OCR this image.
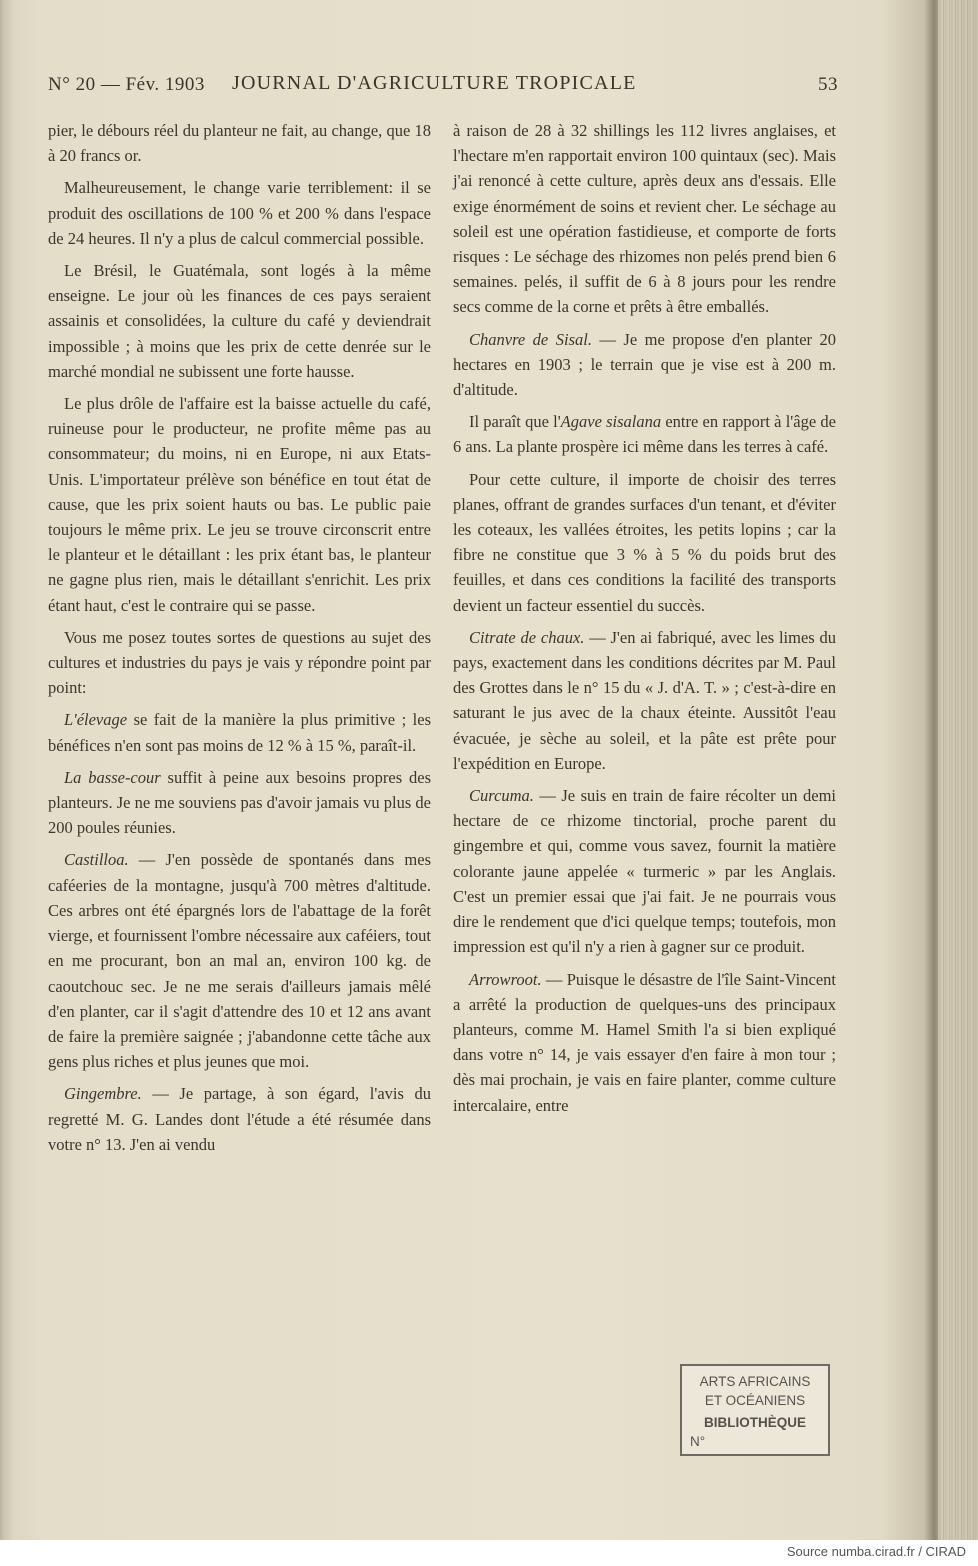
N° 20 — Fév. 1903 JOURNAL D'AGRICULTURE TROPICALE	53

pier, le débours réel du planteur ne fait, au change, que 18 à 20 francs or.

Malheureusement, le change varie terriblement: il se produit des oscillations de 100 % et 200 % dans l'espace de 24 heures. Il n'y a plus de calcul commercial possible.

Le Brésil, le Guatémala, sont logés à la même enseigne. Le jour où les finances de ces pays seraient assainis et consolidées, la culture du café y deviendrait impossible ; à moins que les prix de cette denrée sur le marché mondial ne subissent une forte hausse.

Le plus drôle de l'affaire est la baisse actuelle du café, ruineuse pour le producteur, ne profite même pas au consommateur; du moins, ni en Europe, ni aux Etats-Unis. L'importateur prélève son bénéfice en tout état de cause, que les prix soient hauts ou bas. Le public paie toujours le même prix. Le jeu se trouve circonscrit entre le planteur et le détaillant : les prix étant bas, le planteur ne gagne plus rien, mais le détaillant s'enrichit. Les prix étant haut, c'est le contraire qui se passe.

Vous me posez toutes sortes de questions au sujet des cultures et industries du pays je vais y répondre point par point:

L'élevage se fait de la manière la plus primitive ; les bénéfices n'en sont pas moins de 12 % à 15 %, paraît-il.

La basse-cour suffit à peine aux besoins propres des planteurs. Je ne me souviens pas d'avoir jamais vu plus de 200 poules réunies.

Castilloa. — J'en possède de spontanés dans mes caféeries de la montagne, jusqu'à 700 mètres d'altitude. Ces arbres ont été épargnés lors de l'abattage de la forêt vierge, et fournissent l'ombre nécessaire aux caféiers, tout en me procurant, bon an mal an, environ 100 kg. de caoutchouc sec. Je ne me serais d'ailleurs jamais mêlé d'en planter, car il s'agit d'attendre des 10 et 12 ans avant de faire la première saignée ; j'abandonne cette tâche aux gens plus riches et plus jeunes que moi.

Gingembre. — Je partage, à son égard, l'avis du regretté M. G. Landes dont l'étude a été résumée dans votre n° 13. J'en ai vendu

à raison de 28 à 32 shillings les 112 livres anglaises, et l'hectare m'en rapportait environ 100 quintaux (sec). Mais j'ai renoncé à cette culture, après deux ans d'essais. Elle exige énormément de soins et revient cher. Le séchage au soleil est une opération fastidieuse, et comporte de forts risques : Le séchage des rhizomes non pelés prend bien 6 semaines. pelés, il suffit de 6 à 8 jours pour les rendre secs comme de la corne et prêts à être emballés.

Chanvre de Sisal. — Je me propose d'en planter 20 hectares en 1903 ; le terrain que je vise est à 200 m. d'altitude.

Il paraît que l'Agave sisalana entre en rapport à l'âge de 6 ans. La plante prospère ici même dans les terres à café.

Pour cette culture, il importe de choisir des terres planes, offrant de grandes surfaces d'un tenant, et d'éviter les coteaux, les vallées étroites, les petits lopins ; car la fibre ne constitue que 3 % à 5 % du poids brut des feuilles, et dans ces conditions la facilité des transports devient un facteur essentiel du succès.

Citrate de chaux. — J'en ai fabriqué, avec les limes du pays, exactement dans les conditions décrites par M. Paul des Grottes dans le n° 15 du « J. d'A. T. » ; c'est-à-dire en saturant le jus avec de la chaux éteinte. Aussitôt l'eau évacuée, je sèche au soleil, et la pâte est prête pour l'expédition en Europe.

Curcuma. — Je suis en train de faire récolter un demi hectare de ce rhizome tinctorial, proche parent du gingembre et qui, comme vous savez, fournit la matière colorante jaune appelée « turmeric » par les Anglais. C'est un premier essai que j'ai fait. Je ne pourrais vous dire le rendement que d'ici quelque temps; toutefois, mon impression est qu'il n'y a rien à gagner sur ce produit.

Arrowroot. — Puisque le désastre de l'île Saint-Vincent a arrêté la production de quelques-uns des principaux planteurs, comme M. Hamel Smith l'a si bien expliqué dans votre n° 14, je vais essayer d'en faire à mon tour ; dès mai prochain, je vais en faire planter, comme culture intercalaire, entre

ARTS AFRICAINS
ET OCÉANIENS
BIBLIOTHÈQUE
N°
Source numba.cirad.fr / CIRAD
